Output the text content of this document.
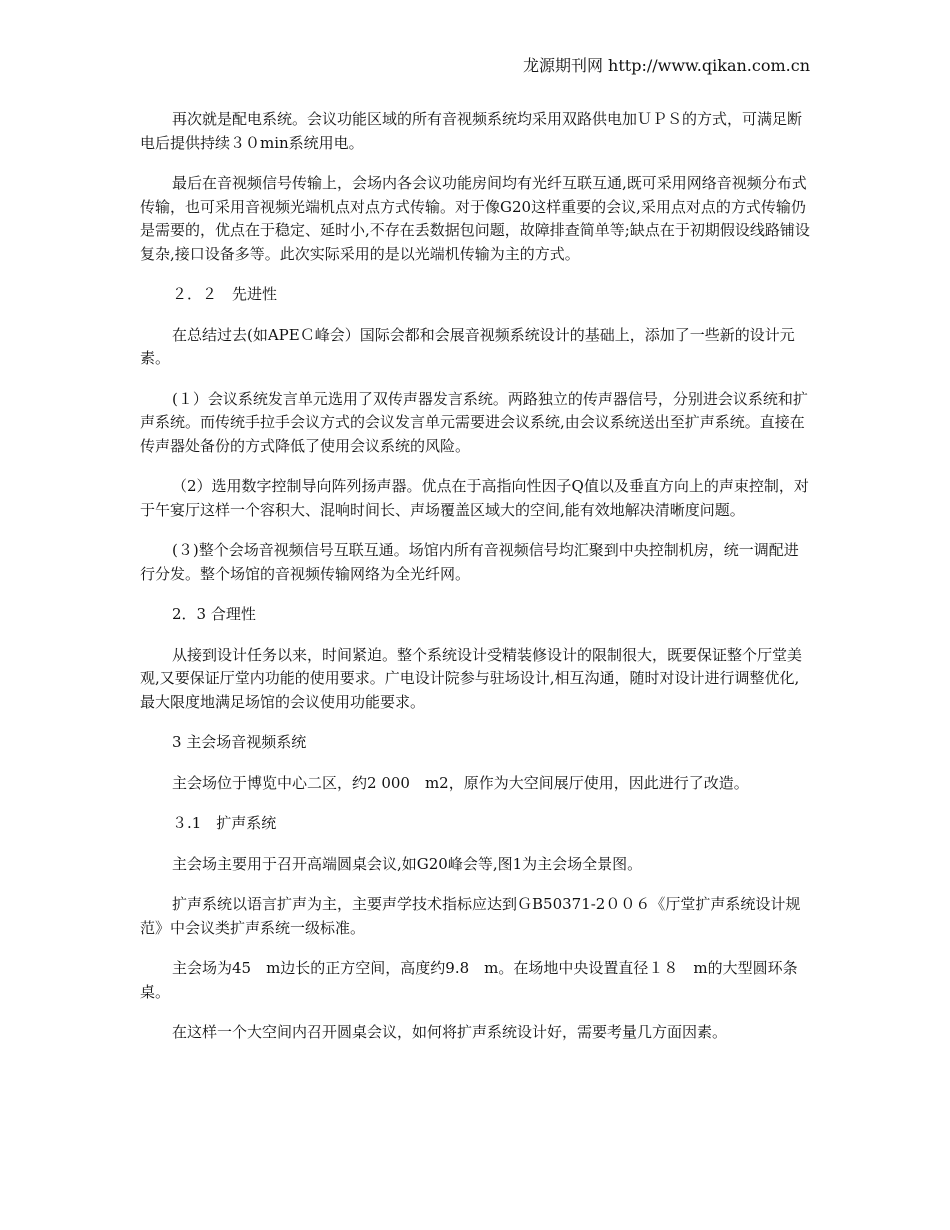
龙源期刊网 http://www.qikan.com.cn

再次就是配电系统。会议功能区域的所有音视频系统均采用双路供电加ＵＰＳ的方式，可满足断电后提供持续３０min系统用电。

最后在音视频信号传输上，会场内各会议功能房间均有光纤互联互通,既可采用网络音视频分布式传输，也可采用音视频光端机点对点方式传输。对于像G20这样重要的会议,采用点对点的方式传输仍是需要的，优点在于稳定、延时小,不存在丢数据包问题，故障排查简单等;缺点在于初期假设线路铺设复杂,接口设备多等。此次实际采用的是以光端机传输为主的方式。

２．２　先进性

在总结过去(如APEＣ峰会）国际会都和会展音视频系统设计的基础上，添加了一些新的设计元素。

(１）会议系统发言单元选用了双传声器发言系统。两路独立的传声器信号，分别进会议系统和扩声系统。而传统手拉手会议方式的会议发言单元需要进会议系统,由会议系统送出至扩声系统。直接在传声器处备份的方式降低了使用会议系统的风险。

（2）选用数字控制导向阵列扬声器。优点在于高指向性因子Q值以及垂直方向上的声束控制，对于午宴厅这样一个容积大、混响时间长、声场覆盖区域大的空间,能有效地解决清晰度问题。

(３)整个会场音视频信号互联互通。场馆内所有音视频信号均汇聚到中央控制机房，统一调配进行分发。整个场馆的音视频传输网络为全光纤网。

2．3 合理性

从接到设计任务以来，时间紧迫。整个系统设计受精装修设计的限制很大，既要保证整个厅堂美观,又要保证厅堂内功能的使用要求。广电设计院参与驻场设计,相互沟通，随时对设计进行调整优化,最大限度地满足场馆的会议使用功能要求。

3 主会场音视频系统

主会场位于博览中心二区，约2 000　m2，原作为大空间展厅使用，因此进行了改造。

３.1　扩声系统

主会场主要用于召开高端圆桌会议,如G20峰会等,图1为主会场全景图。

扩声系统以语言扩声为主，主要声学技术指标应达到ＧB50371-2００６《厅堂扩声系统设计规范》中会议类扩声系统一级标准。

主会场为45　m边长的正方空间，高度约9.8　m。在场地中央设置直径１８　m的大型圆环条桌。

在这样一个大空间内召开圆桌会议，如何将扩声系统设计好，需要考量几方面因素。
